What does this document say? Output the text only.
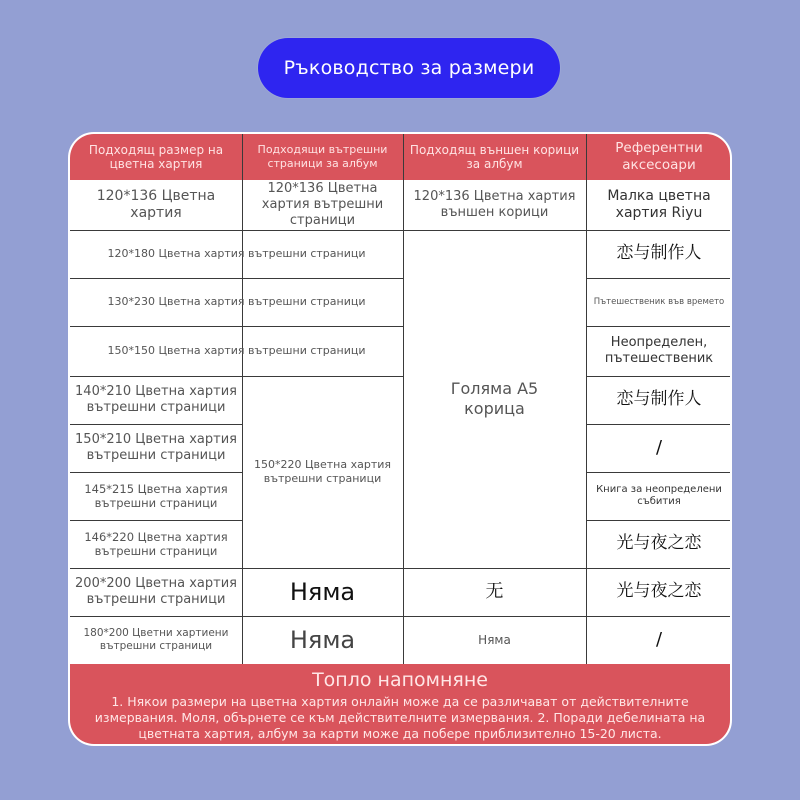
Ръководство за размери
Подходящ размер на цветна хартия
Подходящи вътрешни страници за албум
Подходящ външен корици за албум
Референтни аксесоари
120*136 Цветна хартия
120*180 Цветна хартия вътрешни страници
130*230 Цветна хартия вътрешни страници
150*150 Цветна хартия вътрешни страници
140*210 Цветна хартия вътрешни страници
150*210 Цветна хартия вътрешни страници
145*215 Цветна хартия вътрешни страници
146*220 Цветна хартия вътрешни страници
200*200 Цветна хартия вътрешни страници
180*200 Цветни хартиени вътрешни страници
120*136 Цветна хартия вътрешни страници
150*220 Цветна хартия вътрешни страници
Няма
Няма
120*136 Цветна хартия външен корици
Голяма A5 корица
无
Няма
Малка цветна хартия Riyu
恋与制作人
Пътешественик във времето
Неопределен, пътешественик
恋与制作人
/
Книга за неопределени събития
光与夜之恋
光与夜之恋
/
Топло напомняне
1. Някои размери на цветна хартия онлайн може да се различават от действителните измервания. Моля, обърнете се към действителните измервания. 2. Поради дебелината на цветната хартия, албум за карти може да побере приблизително 15-20 листа.
